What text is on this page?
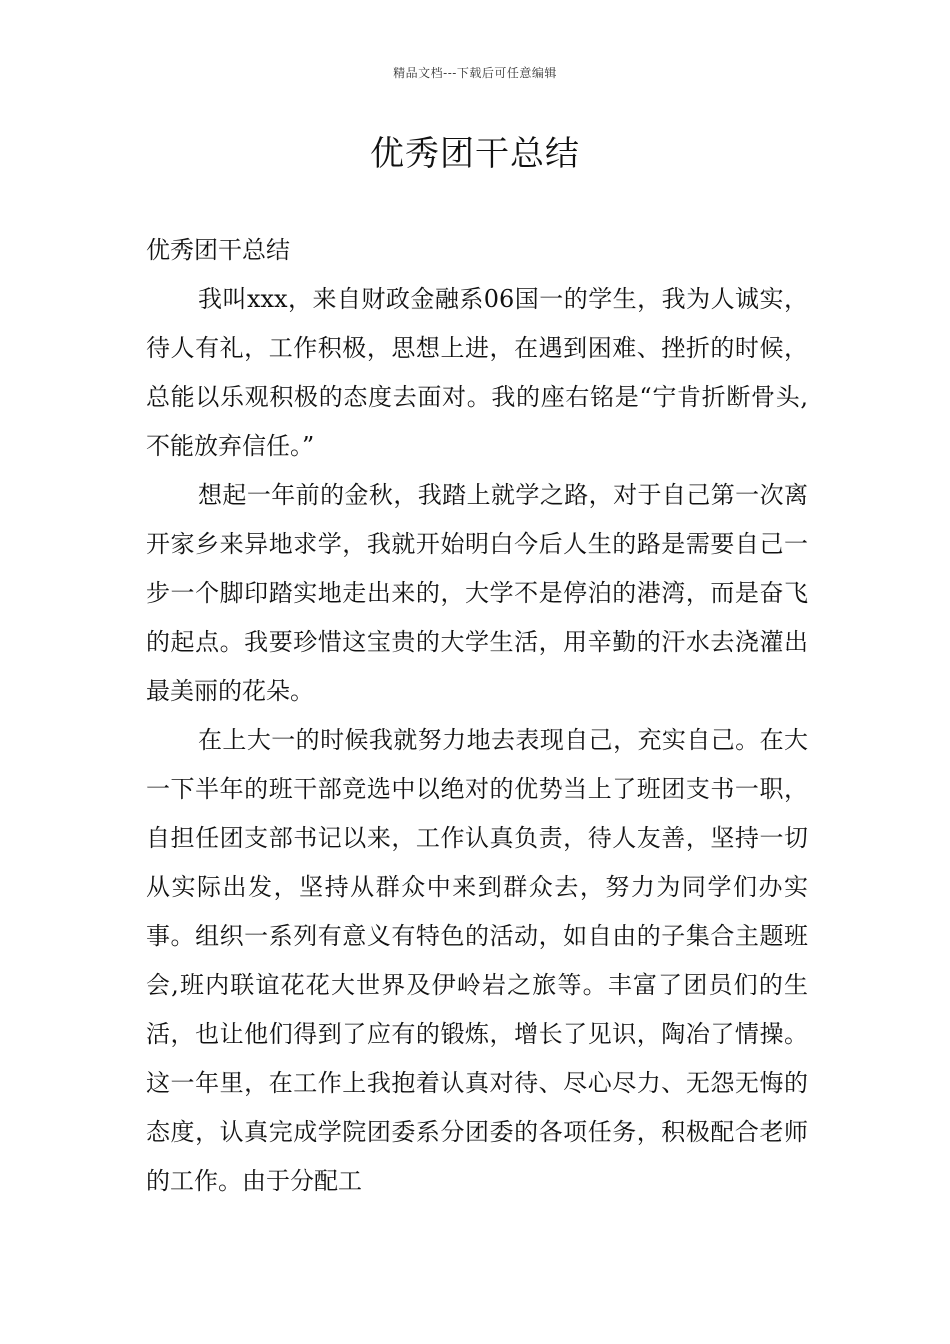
精品文档---下载后可任意编辑
优秀团干总结

优秀团干总结

我叫xxx，来自财政金融系06国一的学生，我为人诚实，待人有礼，工作积极，思想上进，在遇到困难、挫折的时候，总能以乐观积极的态度去面对。我的座右铭是“宁肯折断骨头,不能放弃信任。”

想起一年前的金秋，我踏上就学之路，对于自己第一次离开家乡来异地求学，我就开始明白今后人生的路是需要自己一步一个脚印踏实地走出来的，大学不是停泊的港湾，而是奋飞的起点。我要珍惜这宝贵的大学生活，用辛勤的汗水去浇灌出最美丽的花朵。

在上大一的时候我就努力地去表现自己，充实自己。在大一下半年的班干部竞选中以绝对的优势当上了班团支书一职，自担任团支部书记以来，工作认真负责，待人友善，坚持一切从实际出发，坚持从群众中来到群众去，努力为同学们办实事。组织一系列有意义有特色的活动，如自由的子集合主题班会,班内联谊花花大世界及伊岭岩之旅等。丰富了团员们的生活，也让他们得到了应有的锻炼，增长了见识，陶冶了情操。这一年里，在工作上我抱着认真对待、尽心尽力、无怨无悔的态度，认真完成学院团委系分团委的各项任务，积极配合老师的工作。由于分配工
